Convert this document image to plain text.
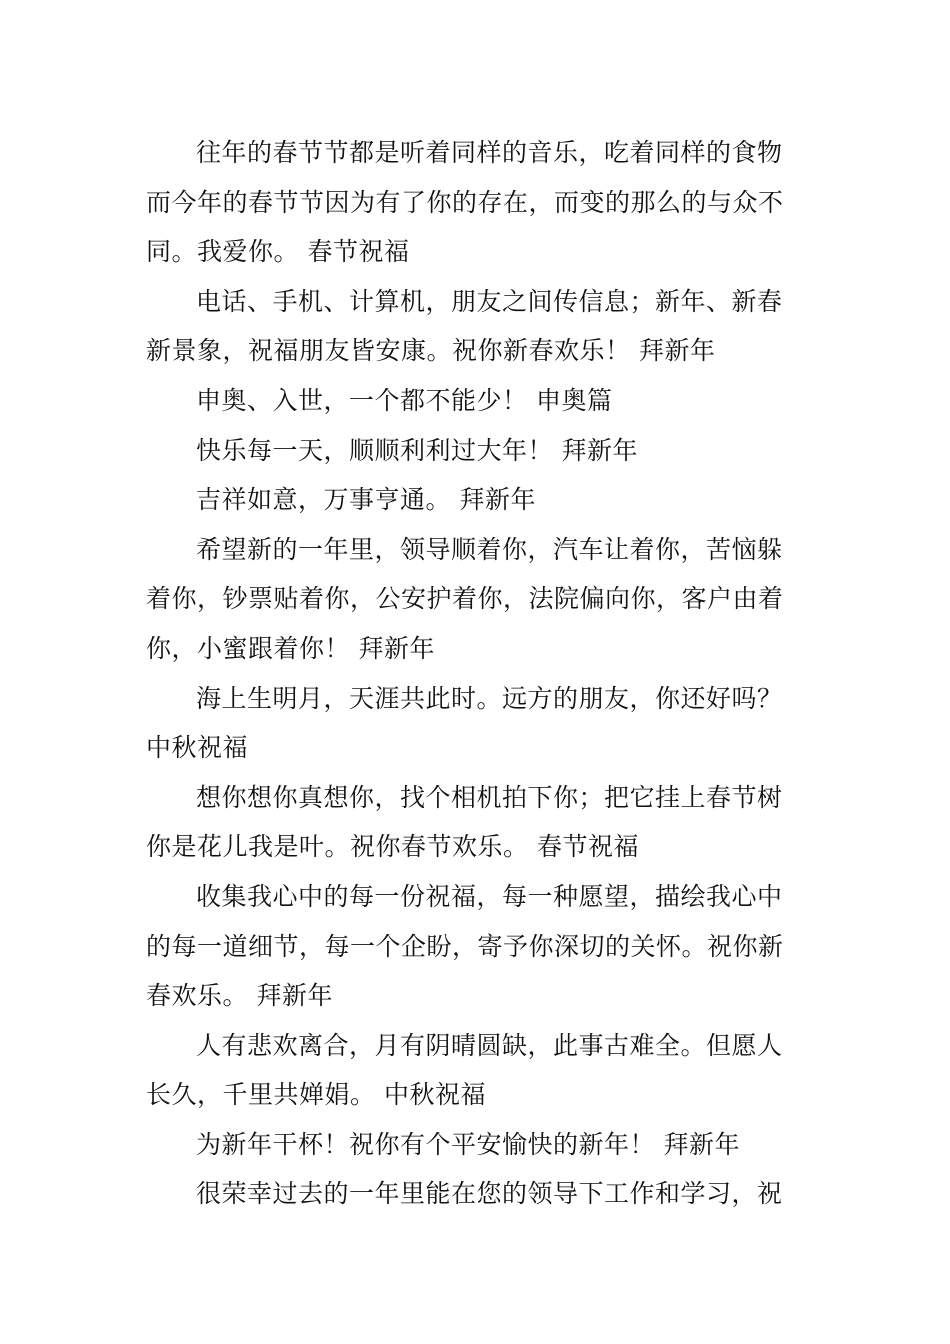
往年的春节节都是听着同样的音乐，吃着同样的食物
而今年的春节节因为有了你的存在，而变的那么的与众不
同。我爱你。 春节祝福

电话、手机、计算机，朋友之间传信息；新年、新春
新景象，祝福朋友皆安康。祝你新春欢乐！ 拜新年

申奥、入世，一个都不能少！ 申奥篇

快乐每一天，顺顺利利过大年！ 拜新年

吉祥如意，万事亨通。 拜新年

希望新的一年里，领导顺着你，汽车让着你，苦恼躲
着你，钞票贴着你，公安护着你，法院偏向你，客户由着
你，小蜜跟着你！ 拜新年

海上生明月，天涯共此时。远方的朋友，你还好吗？
中秋祝福

想你想你真想你，找个相机拍下你；把它挂上春节树
你是花儿我是叶。祝你春节欢乐。 春节祝福

收集我心中的每一份祝福，每一种愿望，描绘我心中
的每一道细节，每一个企盼，寄予你深切的关怀。祝你新
春欢乐。 拜新年

人有悲欢离合，月有阴晴圆缺，此事古难全。但愿人
长久，千里共婵娟。 中秋祝福

为新年干杯！祝你有个平安愉快的新年！ 拜新年

很荣幸过去的一年里能在您的领导下工作和学习，祝
